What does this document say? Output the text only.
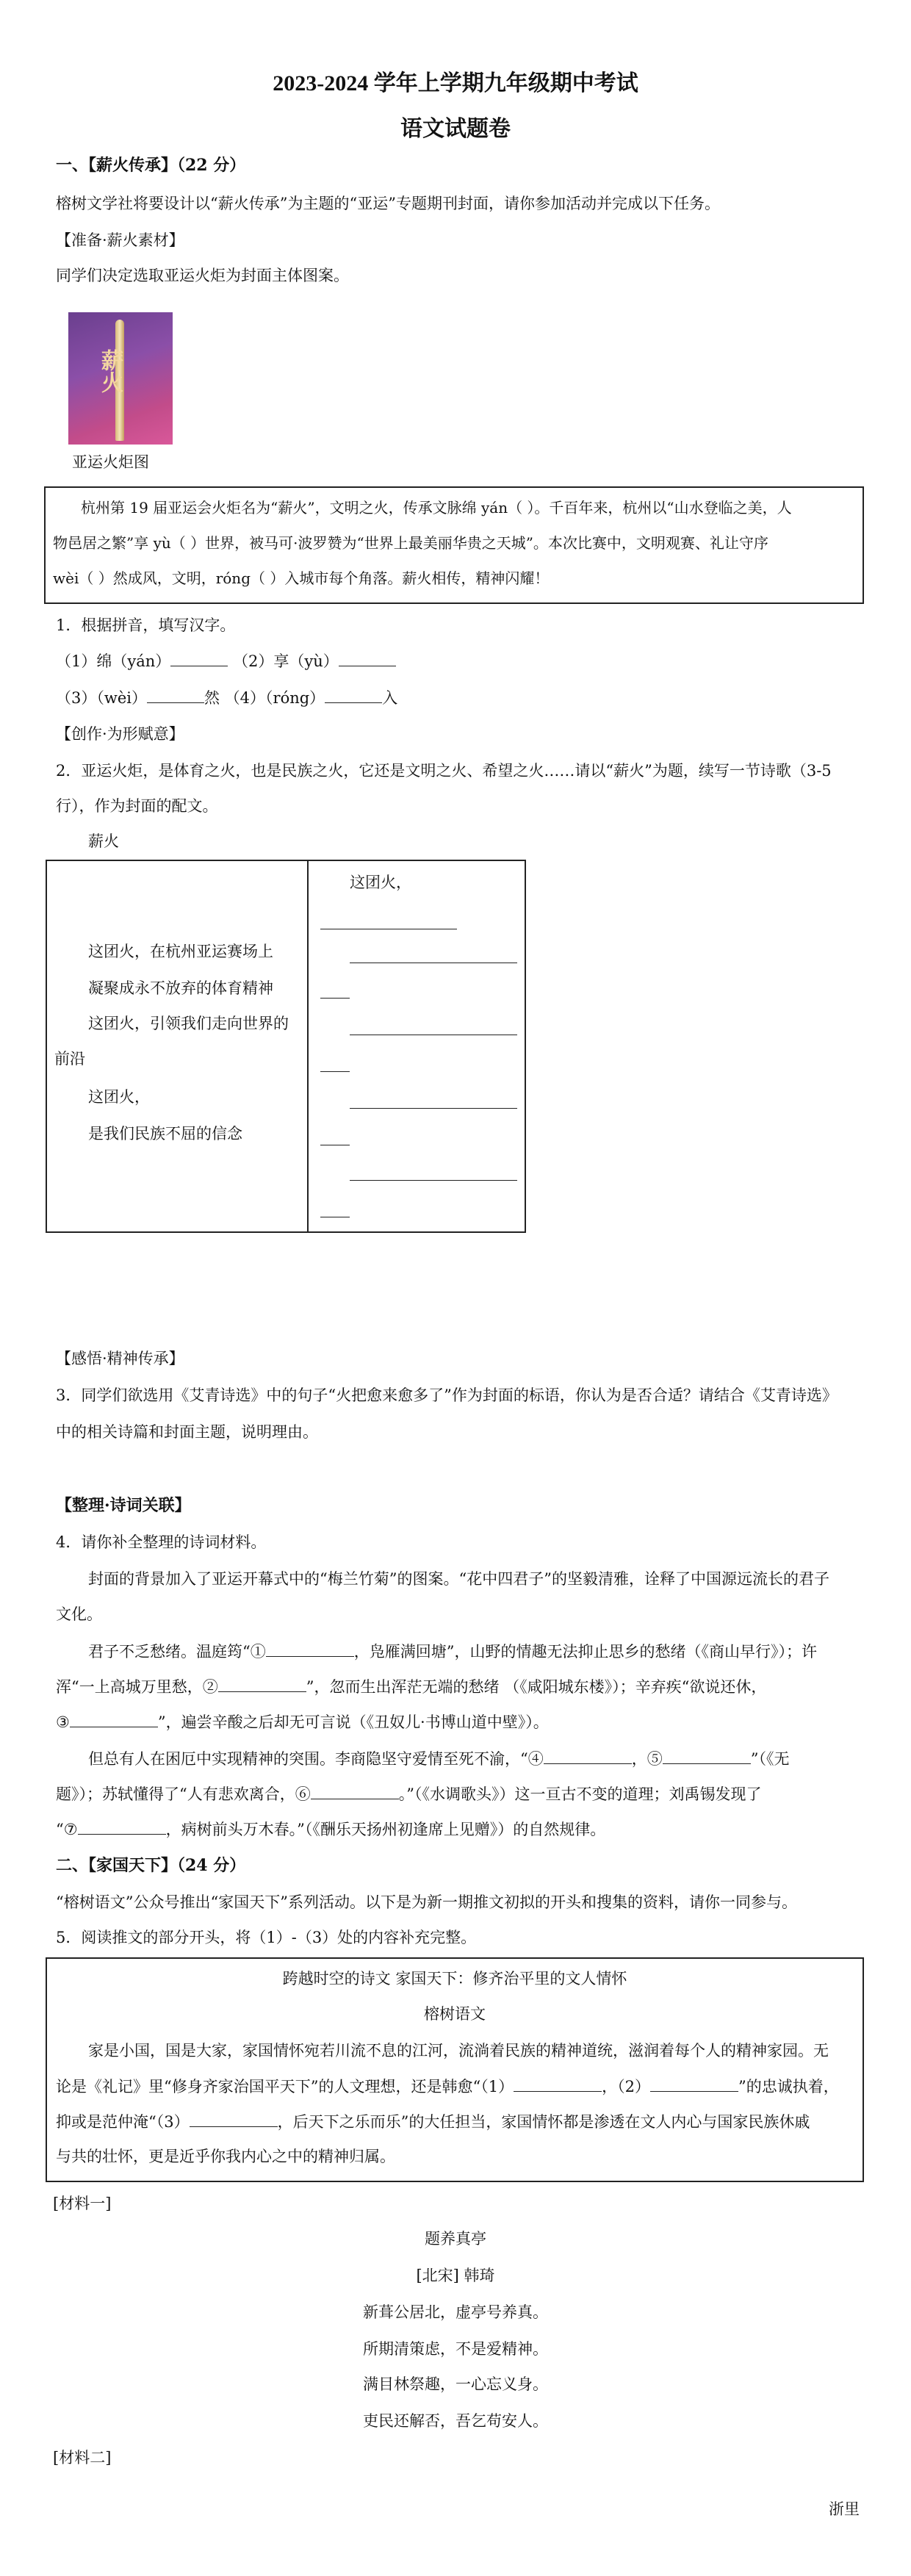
2023-2024 学年上学期九年级期中考试
语文试题卷
一、【薪火传承】（22 分）
榕树文学社将要设计以“薪火传承”为主题的“亚运”专题期刊封面，请你参加活动并完成以下任务。
【准备·薪火素材】
同学们决定选取亚运火炬为封面主体图案。
薪火
亚运火炬图
杭州第 19 届亚运会火炬名为“薪火”，文明之火，传承文脉绵 yán（ ）。千百年来，杭州以“山水登临之美，人
物邑居之繁”享 yù（ ）世界，被马可·波罗赞为“世界上最美丽华贵之天城”。本次比赛中，文明观赛、礼让守序
wèi（ ）然成风，文明，róng（ ）入城市每个角落。薪火相传，精神闪耀！
1．根据拼音，填写汉字。
（1）绵（yán）	（2）享（yù）
（3）（wèi）	然 （4）（róng）	入
【创作·为形赋意】
2．亚运火炬，是体育之火，也是民族之火，它还是文明之火、希望之火……请以“薪火”为题，续写一节诗歌（3-5
行），作为封面的配文。
薪火
这团火，在杭州亚运赛场上
凝聚成永不放弃的体育精神
这团火，引领我们走向世界的
前沿
这团火，
是我们民族不屈的信念
这团火，
【感悟·精神传承】
3．同学们欲选用《艾青诗选》中的句子“火把愈来愈多了”作为封面的标语，你认为是否合适？请结合《艾青诗选》
中的相关诗篇和封面主题，说明理由。
【整理·诗词关联】
4．请你补全整理的诗词材料。
封面的背景加入了亚运开幕式中的“梅兰竹菊”的图案。“花中四君子”的坚毅清雅，诠释了中国源远流长的君子
文化。
君子不乏愁绪。温庭筠“①	，凫雁满回塘”，山野的情趣无法抑止思乡的愁绪（《商山早行》）；许
浑“一上高城万里愁，②	”，忽而生出浑茫无端的愁绪 （《咸阳城东楼》）；辛弃疾“欲说还休，
③	”，遍尝辛酸之后却无可言说（《丑奴儿·书博山道中壁》）。
但总有人在困厄中实现精神的突围。李商隐坚守爱情至死不渝，“④	，⑤	”（《无
题》）；苏轼懂得了“人有悲欢离合，⑥	。”（《水调歌头》）这一亘古不变的道理；刘禹锡发现了
“⑦	，病树前头万木春。”（《酬乐天扬州初逢席上见赠》）的自然规律。
二、【家国天下】（24 分）
“榕树语文”公众号推出“家国天下”系列活动。以下是为新一期推文初拟的开头和搜集的资料，请你一同参与。
5．阅读推文的部分开头，将（1）-（3）处的内容补充完整。
跨越时空的诗文 家国天下：修齐治平里的文人情怀
榕树语文
家是小国，国是大家，家国情怀宛若川流不息的江河，流淌着民族的精神道统，滋润着每个人的精神家园。无
论是《礼记》里“修身齐家治国平天下”的人文理想，还是韩愈“（1）	，（2）	”的忠诚执着，
抑或是范仲淹“（3）	，后天下之乐而乐”的大任担当，家国情怀都是渗透在文人内心与国家民族休戚
与共的壮怀，更是近乎你我内心之中的精神归属。
[材料一]
题养真亭
[北宋] 韩琦
新葺公居北，虚亭号养真。
所期清策虑，不是爱精神。
满目林祭趣，一心忘义身。
吏民还解否，吾乞苟安人。
[材料二]
浙里
